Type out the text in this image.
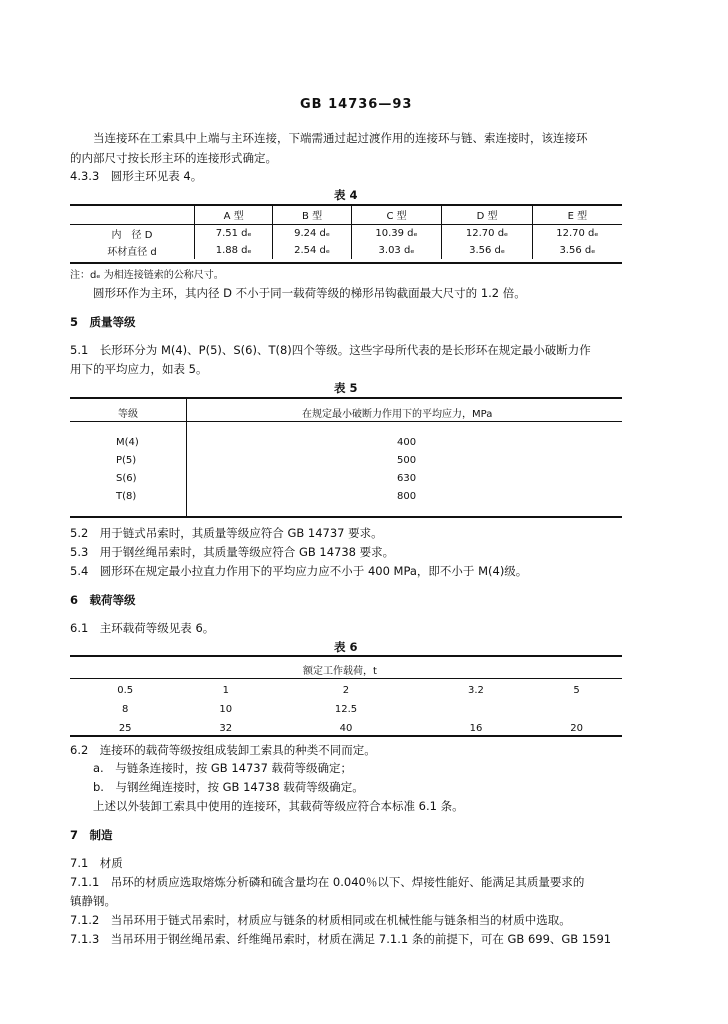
GB 14736—93
当连接环在工索具中上端与主环连接，下端需通过起过渡作用的连接环与链、索连接时，该连接环
的内部尺寸按长形主环的连接形式确定。
4.3.3　圆形主环见表 4。
表 4
	A 型	B 型	C 型	D 型	E 型
内　径 D	7.51 dₑ	9.24 dₑ	10.39 dₑ	12.70 dₑ	12.70 dₑ
环材直径 d	1.88 dₑ	2.54 dₑ	3.03 dₑ	3.56 dₑ	3.56 dₑ
注：dₑ 为相连接链索的公称尺寸。
圆形环作为主环，其内径 D 不小于同一载荷等级的梯形吊钩截面最大尺寸的 1.2 倍。
5　质量等级
5.1　长形环分为 M(4)、P(5)、S(6)、T(8)四个等级。这些字母所代表的是长形环在规定最小破断力作
用下的平均应力，如表 5。
表 5
等级	在规定最小破断力作用下的平均应力，MPa
M(4)	400
P(5)	500
S(6)	630
T(8)	800
5.2　用于链式吊索时，其质量等级应符合 GB 14737 要求。
5.3　用于钢丝绳吊索时，其质量等级应符合 GB 14738 要求。
5.4　圆形环在规定最小拉直力作用下的平均应力应不小于 400 MPa，即不小于 M(4)级。
6　载荷等级
6.1　主环载荷等级见表 6。
表 6
额定工作载荷，t
0.5	1	2	3.2	5
8	10	12.5		
25	32	40	16	20
6.2　连接环的载荷等级按组成装卸工索具的种类不同而定。
a.　与链条连接时，按 GB 14737 载荷等级确定；
b.　与钢丝绳连接时，按 GB 14738 载荷等级确定。
上述以外装卸工索具中使用的连接环，其载荷等级应符合本标准 6.1 条。
7　制造
7.1　材质
7.1.1　吊环的材质应选取熔炼分析磷和硫含量均在 0.040％以下、焊接性能好、能满足其质量要求的
镇静钢。
7.1.2　当吊环用于链式吊索时，材质应与链条的材质相同或在机械性能与链条相当的材质中选取。
7.1.3　当吊环用于钢丝绳吊索、纤维绳吊索时，材质在满足 7.1.1 条的前提下，可在 GB 699、GB 1591
